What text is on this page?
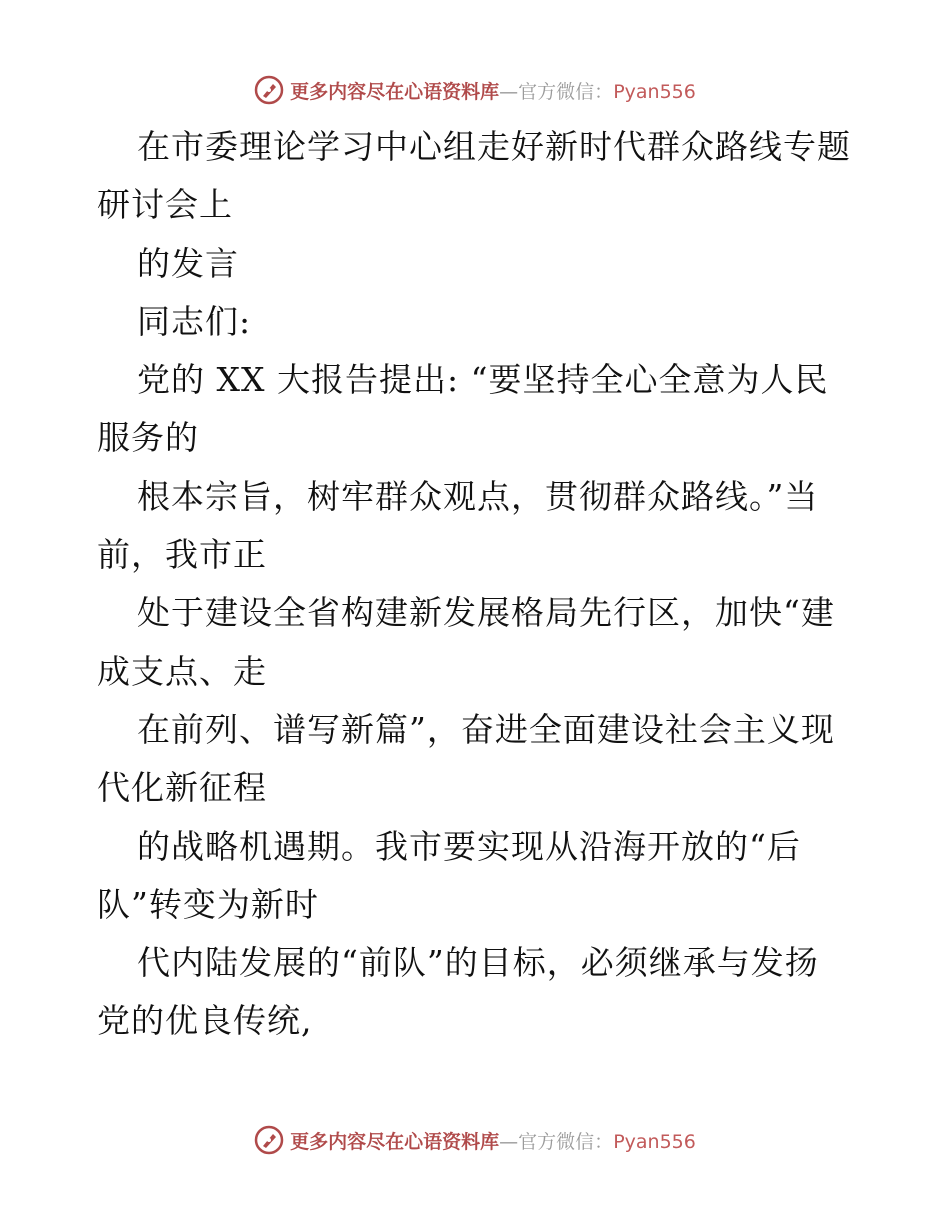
更多内容尽在心语资料库—官方微信：Pyan556
在市委理论学习中心组走好新时代群众路线专题
研讨会上
的发言
同志们:
党的 XX 大报告提出: “要坚持全心全意为人民
服务的
根本宗旨，树牢群众观点，贯彻群众路线。”当
前，我市正
处于建设全省构建新发展格局先行区，加快“建
成支点、走
在前列、谱写新篇”，奋进全面建设社会主义现
代化新征程
的战略机遇期。我市要实现从沿海开放的“后
队”转变为新时
代内陆发展的“前队”的目标，必须继承与发扬
党的优良传统,
更多内容尽在心语资料库—官方微信：Pyan556
